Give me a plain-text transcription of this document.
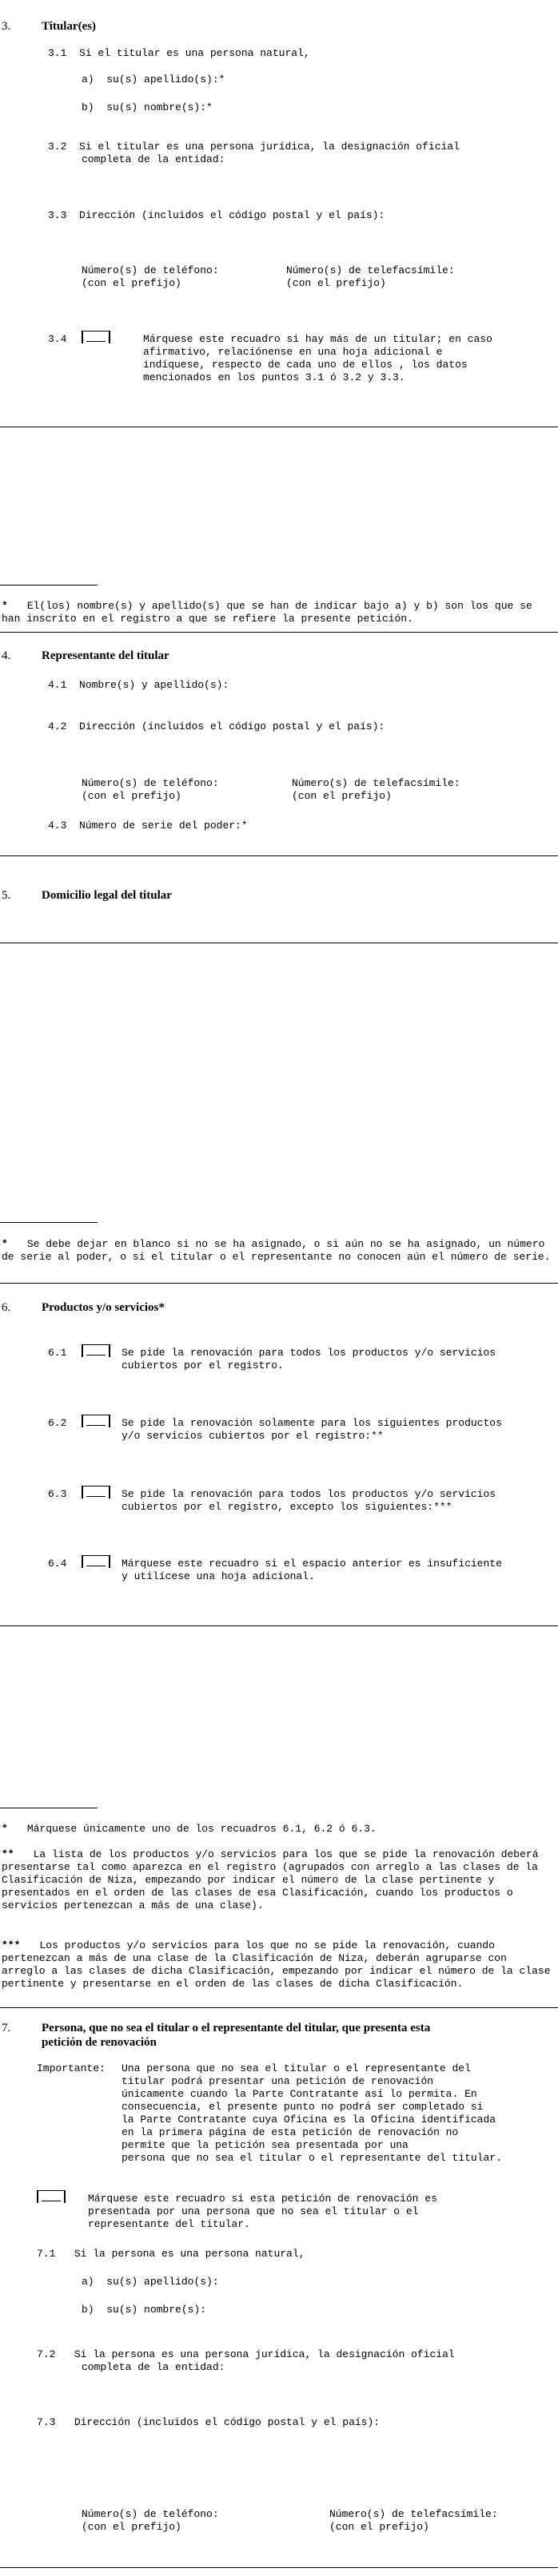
3.	Titular(es)
3.1 Si el titular es una persona natural,
a) su(s) apellido(s):*
b) su(s) nombre(s):*
3.2 Si el titular es una persona jurídica, la designación oficial
completa de la entidad:
3.3 Dirección (incluidos el código postal y el país):
Número(s) de teléfono:
(con el prefijo)
Número(s) de telefacsímile:
(con el prefijo)
3.4	Márquese este recuadro si hay más de un titular; en caso
afirmativo, relaciónense en una hoja adicional e
indíquese, respecto de cada uno de ellos , los datos
mencionados en los puntos 3.1 ó 3.2 y 3.3.
* El(los) nombre(s) y apellido(s) que se han de indicar bajo a) y b) son los que se han inscrito en el registro a que se refiere la presente petición.
4.	Representante del titular
4.1 Nombre(s) y apellido(s):
4.2 Dirección (incluidos el código postal y el país):
Número(s) de teléfono:
(con el prefijo)
Número(s) de telefacsímile:
(con el prefijo)
4.3 Número de serie del poder:*
5.	Domicilio legal del titular
* Se debe dejar en blanco si no se ha asignado, o si aún no se ha asignado, un número de serie al poder, o si el titular o el representante no conocen aún el número de serie.
6.	Productos y/o servicios*
6.1	Se pide la renovación para todos los productos y/o servicios
cubiertos por el registro.
6.2	Se pide la renovación solamente para los siguientes productos
y/o servicios cubiertos por el registro:**
6.3	Se pide la renovación para todos los productos y/o servicios
cubiertos por el registro, excepto los siguientes:***
6.4	Márquese este recuadro si el espacio anterior es insuficiente
y utilícese una hoja adicional.
* Márquese únicamente uno de los recuadros 6.1, 6.2 ó 6.3.
** La lista de los productos y/o servicios para los que se pide la renovación deberá presentarse tal como aparezca en el registro (agrupados con arreglo a las clases de la Clasificación de Niza, empezando por indicar el número de la clase pertinente y presentados en el orden de las clases de esa Clasificación, cuando los productos o servicios pertenezcan a más de una clase).
*** Los productos y/o servicios para los que no se pide la renovación, cuando pertenezcan a más de una clase de la Clasificación de Niza, deberán agruparse con arreglo a las clases de dicha Clasificación, empezando por indicar el número de la clase pertinente y presentarse en el orden de las clases de dicha Clasificación.
7.	Persona, que no sea el titular o el representante del titular, que presenta esta petición de renovación
Importante: Una persona que no sea el titular o el representante del
titular podrá presentar una petición de renovación
únicamente cuando la Parte Contratante así lo permita. En
consecuencia, el presente punto no podrá ser completado si
la Parte Contratante cuya Oficina es la Oficina identificada
en la primera página de esta petición de renovación no
permite que la petición sea presentada por una
persona que no sea el titular o el representante del titular.
Márquese este recuadro si esta petición de renovación es
presentada por una persona que no sea el titular o el
representante del titular.
7.1 Si la persona es una persona natural,
a) su(s) apellido(s):
b) su(s) nombre(s):
7.2 Si la persona es una persona jurídica, la designación oficial
completa de la entidad:
7.3 Dirección (incluidos el código postal y el país):
Número(s) de teléfono:
(con el prefijo)
Número(s) de telefacsímile:
(con el prefijo)
